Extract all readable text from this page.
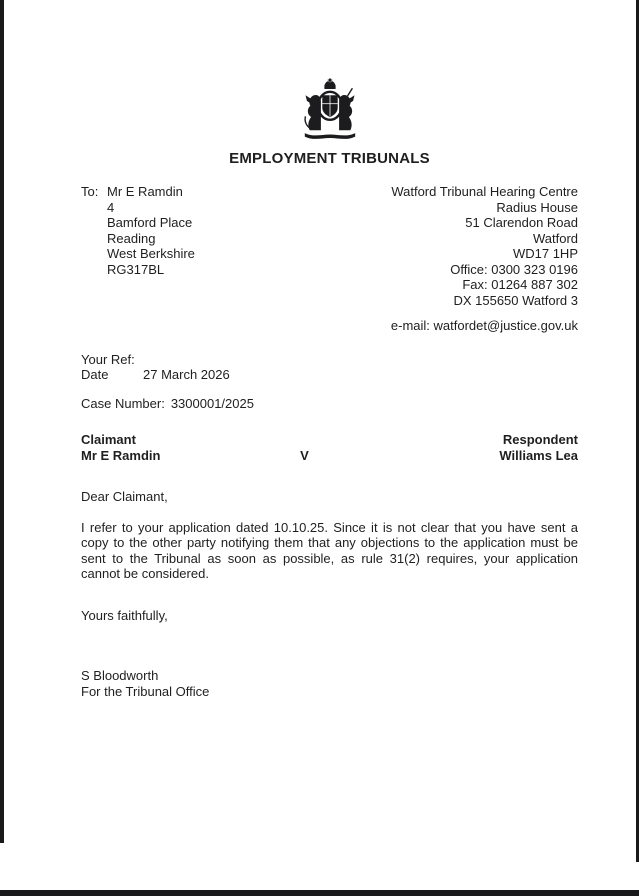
EMPLOYMENT TRIBUNALS
To: Mr E Ramdin
4
Bamford Place
Reading
West Berkshire
RG317BL
Watford Tribunal Hearing Centre
Radius House
51 Clarendon Road
Watford
WD17 1HP
Office: 0300 323 0196
Fax: 01264 887 302
DX 155650 Watford 3
e-mail: watfordet@justice.gov.uk
Your Ref:
Date	27 March 2026
Case Number: 3300001/2025
Claimant
Mr E Ramdin	V
Respondent
Williams Lea

Dear Claimant,

I refer to your application dated 10.10.25. Since it is not clear that you have sent a copy to the other party notifying them that any objections to the application must be sent to the Tribunal as soon as possible, as rule 31(2) requires, your application cannot be considered.

Yours faithfully,

S Bloodworth
For the Tribunal Office
